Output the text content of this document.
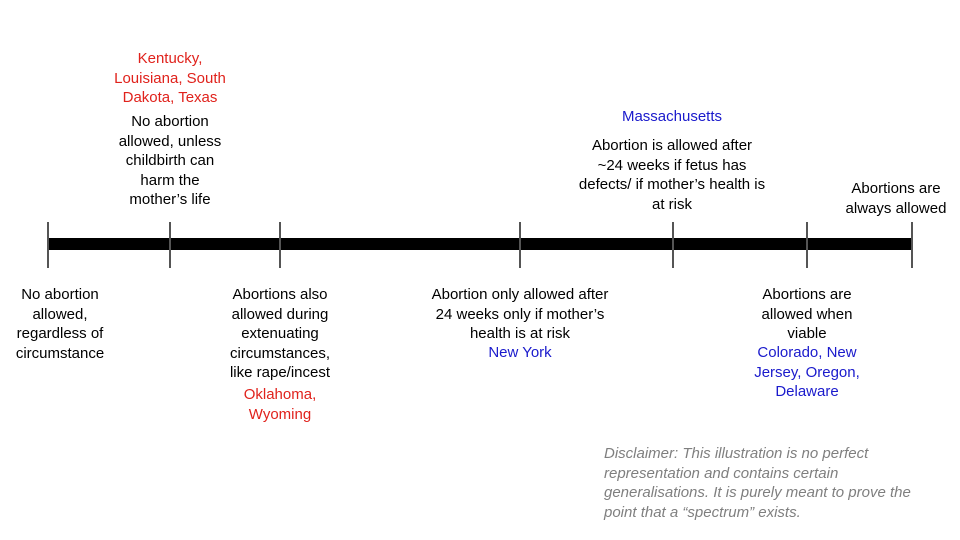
No abortion
allowed,
regardless of
circumstance
Kentucky,
Louisiana, South
Dakota, Texas
No abortion
allowed, unless
childbirth can
harm the
mother’s life
Abortions also
allowed during
extenuating
circumstances,
like rape/incest
Oklahoma,
Wyoming
Abortion only allowed after
24 weeks only if mother’s
health is at risk
New York
Massachusetts
Abortion is allowed after
~24 weeks if fetus has
defects/ if mother’s health is
at risk
Abortions are
allowed when
viable
Colorado, New
Jersey, Oregon,
Delaware
Abortions are
always allowed
Disclaimer: This illustration is no perfect
representation and contains certain
generalisations. It is purely meant to prove the
point that a “spectrum” exists.
